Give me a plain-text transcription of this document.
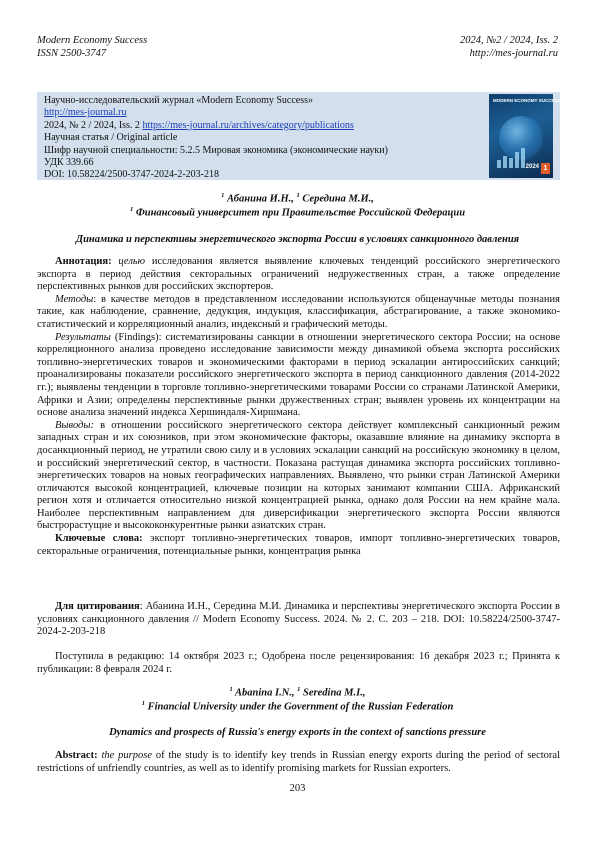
Modern Economy Success	2024, №2 / 2024, Iss. 2
ISSN 2500-3747	http://mes-journal.ru
Научно-исследовательский журнал «Modern Economy Success»
http://mes-journal.ru
2024, № 2 / 2024, Iss. 2 https://mes-journal.ru/archives/category/publications
Научная статья / Original article
Шифр научной специальности: 5.2.5 Мировая экономика (экономические науки)
УДК 339.66
DOI: 10.58224/2500-3747-2024-2-203-218
MODERN ECONOMY SUCCESS
2024 1
$^1$ Абанина И.Н., $^1$ Середина М.И.,
$^1$ Финансовый университет при Правительстве Российской Федерации
Динамика и перспективы энергетического экспорта России в условиях санкционного давления

Аннотация: целью исследования является выявление ключевых тенденций российского энергетического экспорта в период действия секторальных ограничений недружественных стран, а также определение перспективных рынков для российских экспортеров.

Методы: в качестве методов в представленном исследовании используются общенаучные методы познания такие, как наблюдение, сравнение, дедукция, индукция, классификация, абстрагирование, а также экономико-статистический и корреляционный анализ, индексный и графический методы.

Результаты (Findings): систематизированы санкции в отношении энергетического сектора России; на основе корреляционного анализа проведено исследование зависимости между динамикой объема экспорта российских топливно-энергетических товаров и экономическими факторами в период эскалации антироссийских санкций; проанализированы показатели российского энергетического экспорта в период санкционного давления (2014-2022 гг.); выявлены тенденции в торговле топливно-энергетическими товарами России со странами Латинской Америки, Африки и Азии; определены перспективные рынки дружественных стран; выявлен уровень их концентрации на основе анализа значений индекса Хершиндаля-Хиршмана.

Выводы: в отношении российского энергетического сектора действует комплексный санкционный режим западных стран и их союзников, при этом экономические факторы, оказавшие влияние на динамику экспорта в досанкционный период, не утратили свою силу и в условиях эскалации санкций на российскую экономику в целом, и российский энергетический сектор, в частности. Показана растущая динамика экспорта российских топливно-энергетических товаров на новых географических направлениях. Выявлено, что рынки стран Латинской Америки отличаются высокой концентрацией, ключевые позиции на которых занимают компании США. Африканский регион хотя и отличается относительно низкой концентрацией рынка, однако доля России на нем крайне мала. Наиболее перспективным направлением для диверсификации энергетического экспорта России являются быстрорастущие и высококонкурентные рынки азиатских стран.

Ключевые слова: экспорт топливно-энергетических товаров, импорт топливно-энергетических товаров, секторальные ограничения, потенциальные рынки, концентрация рынка

Для цитирования: Абанина И.Н., Середина М.И. Динамика и перспективы энергетического экспорта России в условиях санкционного давления // Modern Economy Success. 2024. № 2. С. 203 – 218. DOI: 10.58224/2500-3747-2024-2-203-218

Поступила в редакцию: 14 октября 2023 г.; Одобрена после рецензирования: 16 декабря 2023 г.; Принята к публикации: 8 февраля 2024 г.

$^1$ Abanina I.N., $^1$ Seredina M.I.,
$^1$ Financial University under the Government of the Russian Federation
Dynamics and prospects of Russia's energy exports in the context of sanctions pressure

Abstract: the purpose of the study is to identify key trends in Russian energy exports during the period of sectoral restrictions of unfriendly countries, as well as to identify promising markets for Russian exporters.

203
